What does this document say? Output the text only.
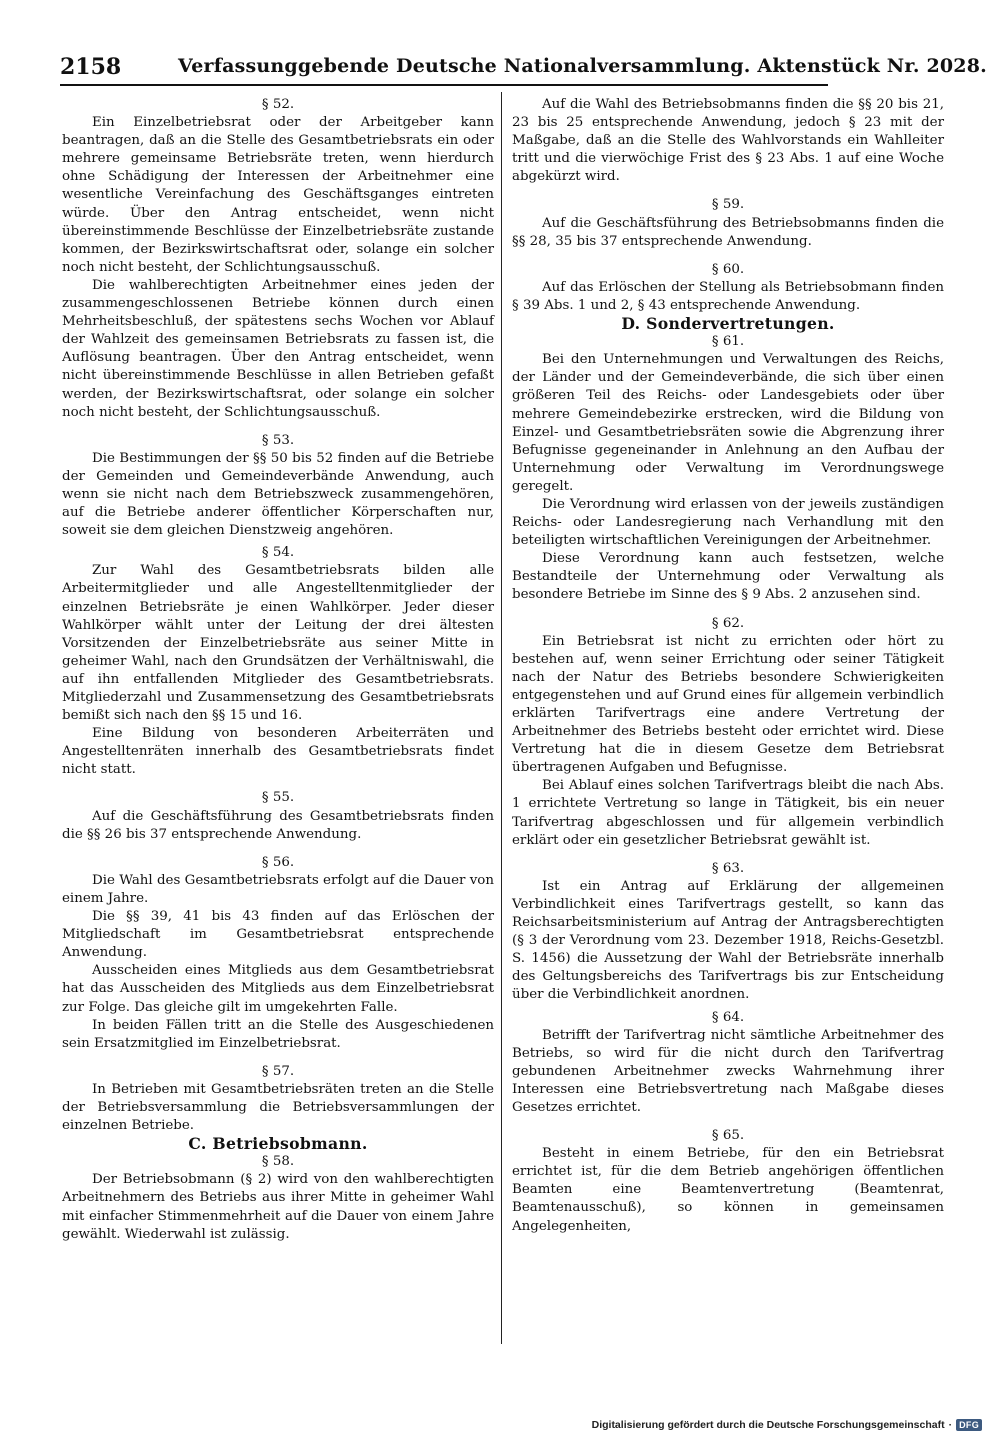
2158	Verfassunggebende Deutsche Nationalversammlung. Aktenstück Nr. 2028.
§ 52.

Ein Einzelbetriebsrat oder der Arbeitgeber kann beantragen, daß an die Stelle des Gesamtbetriebsrats ein oder mehrere gemeinsame Betriebsräte treten, wenn hierdurch ohne Schädigung der Interessen der Arbeitnehmer eine wesentliche Vereinfachung des Geschäftsganges eintreten würde. Über den Antrag entscheidet, wenn nicht übereinstimmende Beschlüsse der Einzelbetriebsräte zustande kommen, der Bezirkswirtschaftsrat oder, solange ein solcher noch nicht besteht, der Schlichtungsausschuß.

Die wahlberechtigten Arbeitnehmer eines jeden der zusammengeschlossenen Betriebe können durch einen Mehrheitsbeschluß, der spätestens sechs Wochen vor Ablauf der Wahlzeit des gemeinsamen Betriebsrats zu fassen ist, die Auflösung beantragen. Über den Antrag entscheidet, wenn nicht übereinstimmende Beschlüsse in allen Betrieben gefaßt werden, der Bezirkswirtschaftsrat, oder solange ein solcher noch nicht besteht, der Schlichtungsausschuß.

§ 53.

Die Bestimmungen der §§ 50 bis 52 finden auf die Betriebe der Gemeinden und Gemeindeverbände Anwendung, auch wenn sie nicht nach dem Betriebszweck zusammengehören, auf die Betriebe anderer öffentlicher Körperschaften nur, soweit sie dem gleichen Dienstzweig angehören.

§ 54.

Zur Wahl des Gesamtbetriebsrats bilden alle Arbeitermitglieder und alle Angestelltenmitglieder der einzelnen Betriebsräte je einen Wahlkörper. Jeder dieser Wahlkörper wählt unter der Leitung der drei ältesten Vorsitzenden der Einzelbetriebsräte aus seiner Mitte in geheimer Wahl, nach den Grundsätzen der Verhältniswahl, die auf ihn entfallenden Mitglieder des Gesamtbetriebsrats. Mitgliederzahl und Zusammensetzung des Gesamtbetriebsrats bemißt sich nach den §§ 15 und 16.

Eine Bildung von besonderen Arbeiterräten und Angestelltenräten innerhalb des Gesamtbetriebsrats findet nicht statt.

§ 55.

Auf die Geschäftsführung des Gesamtbetriebsrats finden die §§ 26 bis 37 entsprechende Anwendung.

§ 56.

Die Wahl des Gesamtbetriebsrats erfolgt auf die Dauer von einem Jahre.

Die §§ 39, 41 bis 43 finden auf das Erlöschen der Mitgliedschaft im Gesamtbetriebsrat entsprechende Anwendung.

Ausscheiden eines Mitglieds aus dem Gesamtbetriebsrat hat das Ausscheiden des Mitglieds aus dem Einzelbetriebsrat zur Folge. Das gleiche gilt im umgekehrten Falle.

In beiden Fällen tritt an die Stelle des Ausgeschiedenen sein Ersatzmitglied im Einzelbetriebsrat.

§ 57.

In Betrieben mit Gesamtbetriebsräten treten an die Stelle der Betriebsversammlung die Betriebsversammlungen der einzelnen Betriebe.

C. Betriebsobmann.
§ 58.

Der Betriebsobmann (§ 2) wird von den wahlberechtigten Arbeitnehmern des Betriebs aus ihrer Mitte in geheimer Wahl mit einfacher Stimmenmehrheit auf die Dauer von einem Jahre gewählt. Wiederwahl ist zulässig.

Auf die Wahl des Betriebsobmanns finden die §§ 20 bis 21, 23 bis 25 entsprechende Anwendung, jedoch § 23 mit der Maßgabe, daß an die Stelle des Wahlvorstands ein Wahlleiter tritt und die vierwöchige Frist des § 23 Abs. 1 auf eine Woche abgekürzt wird.

§ 59.

Auf die Geschäftsführung des Betriebsobmanns finden die §§ 28, 35 bis 37 entsprechende Anwendung.

§ 60.

Auf das Erlöschen der Stellung als Betriebsobmann finden § 39 Abs. 1 und 2, § 43 entsprechende Anwendung.

D. Sondervertretungen.
§ 61.

Bei den Unternehmungen und Verwaltungen des Reichs, der Länder und der Gemeindeverbände, die sich über einen größeren Teil des Reichs- oder Landesgebiets oder über mehrere Gemeindebezirke erstrecken, wird die Bildung von Einzel- und Gesamtbetriebsräten sowie die Abgrenzung ihrer Befugnisse gegeneinander in Anlehnung an den Aufbau der Unternehmung oder Verwaltung im Verordnungswege geregelt.

Die Verordnung wird erlassen von der jeweils zuständigen Reichs- oder Landesregierung nach Verhandlung mit den beteiligten wirtschaftlichen Vereinigungen der Arbeitnehmer.

Diese Verordnung kann auch festsetzen, welche Bestandteile der Unternehmung oder Verwaltung als besondere Betriebe im Sinne des § 9 Abs. 2 anzusehen sind.

§ 62.

Ein Betriebsrat ist nicht zu errichten oder hört zu bestehen auf, wenn seiner Errichtung oder seiner Tätigkeit nach der Natur des Betriebs besondere Schwierigkeiten entgegenstehen und auf Grund eines für allgemein verbindlich erklärten Tarifvertrags eine andere Vertretung der Arbeitnehmer des Betriebs besteht oder errichtet wird. Diese Vertretung hat die in diesem Gesetze dem Betriebsrat übertragenen Aufgaben und Befugnisse.

Bei Ablauf eines solchen Tarifvertrags bleibt die nach Abs. 1 errichtete Vertretung so lange in Tätigkeit, bis ein neuer Tarifvertrag abgeschlossen und für allgemein verbindlich erklärt oder ein gesetzlicher Betriebsrat gewählt ist.

§ 63.

Ist ein Antrag auf Erklärung der allgemeinen Verbindlichkeit eines Tarifvertrags gestellt, so kann das Reichsarbeitsministerium auf Antrag der Antragsberechtigten (§ 3 der Verordnung vom 23. Dezember 1918, Reichs-Gesetzbl. S. 1456) die Aussetzung der Wahl der Betriebsräte innerhalb des Geltungsbereichs des Tarifvertrags bis zur Entscheidung über die Verbindlichkeit anordnen.

§ 64.

Betrifft der Tarifvertrag nicht sämtliche Arbeitnehmer des Betriebs, so wird für die nicht durch den Tarifvertrag gebundenen Arbeitnehmer zwecks Wahrnehmung ihrer Interessen eine Betriebsvertretung nach Maßgabe dieses Gesetzes errichtet.

§ 65.

Besteht in einem Betriebe, für den ein Betriebsrat errichtet ist, für die dem Betrieb angehörigen öffentlichen Beamten eine Beamtenvertretung (Beamtenrat, Beamtenausschuß), so können in gemeinsamen Angelegenheiten,

Digitalisierung gefördert durch die Deutsche Forschungsgemeinschaft · DFG
